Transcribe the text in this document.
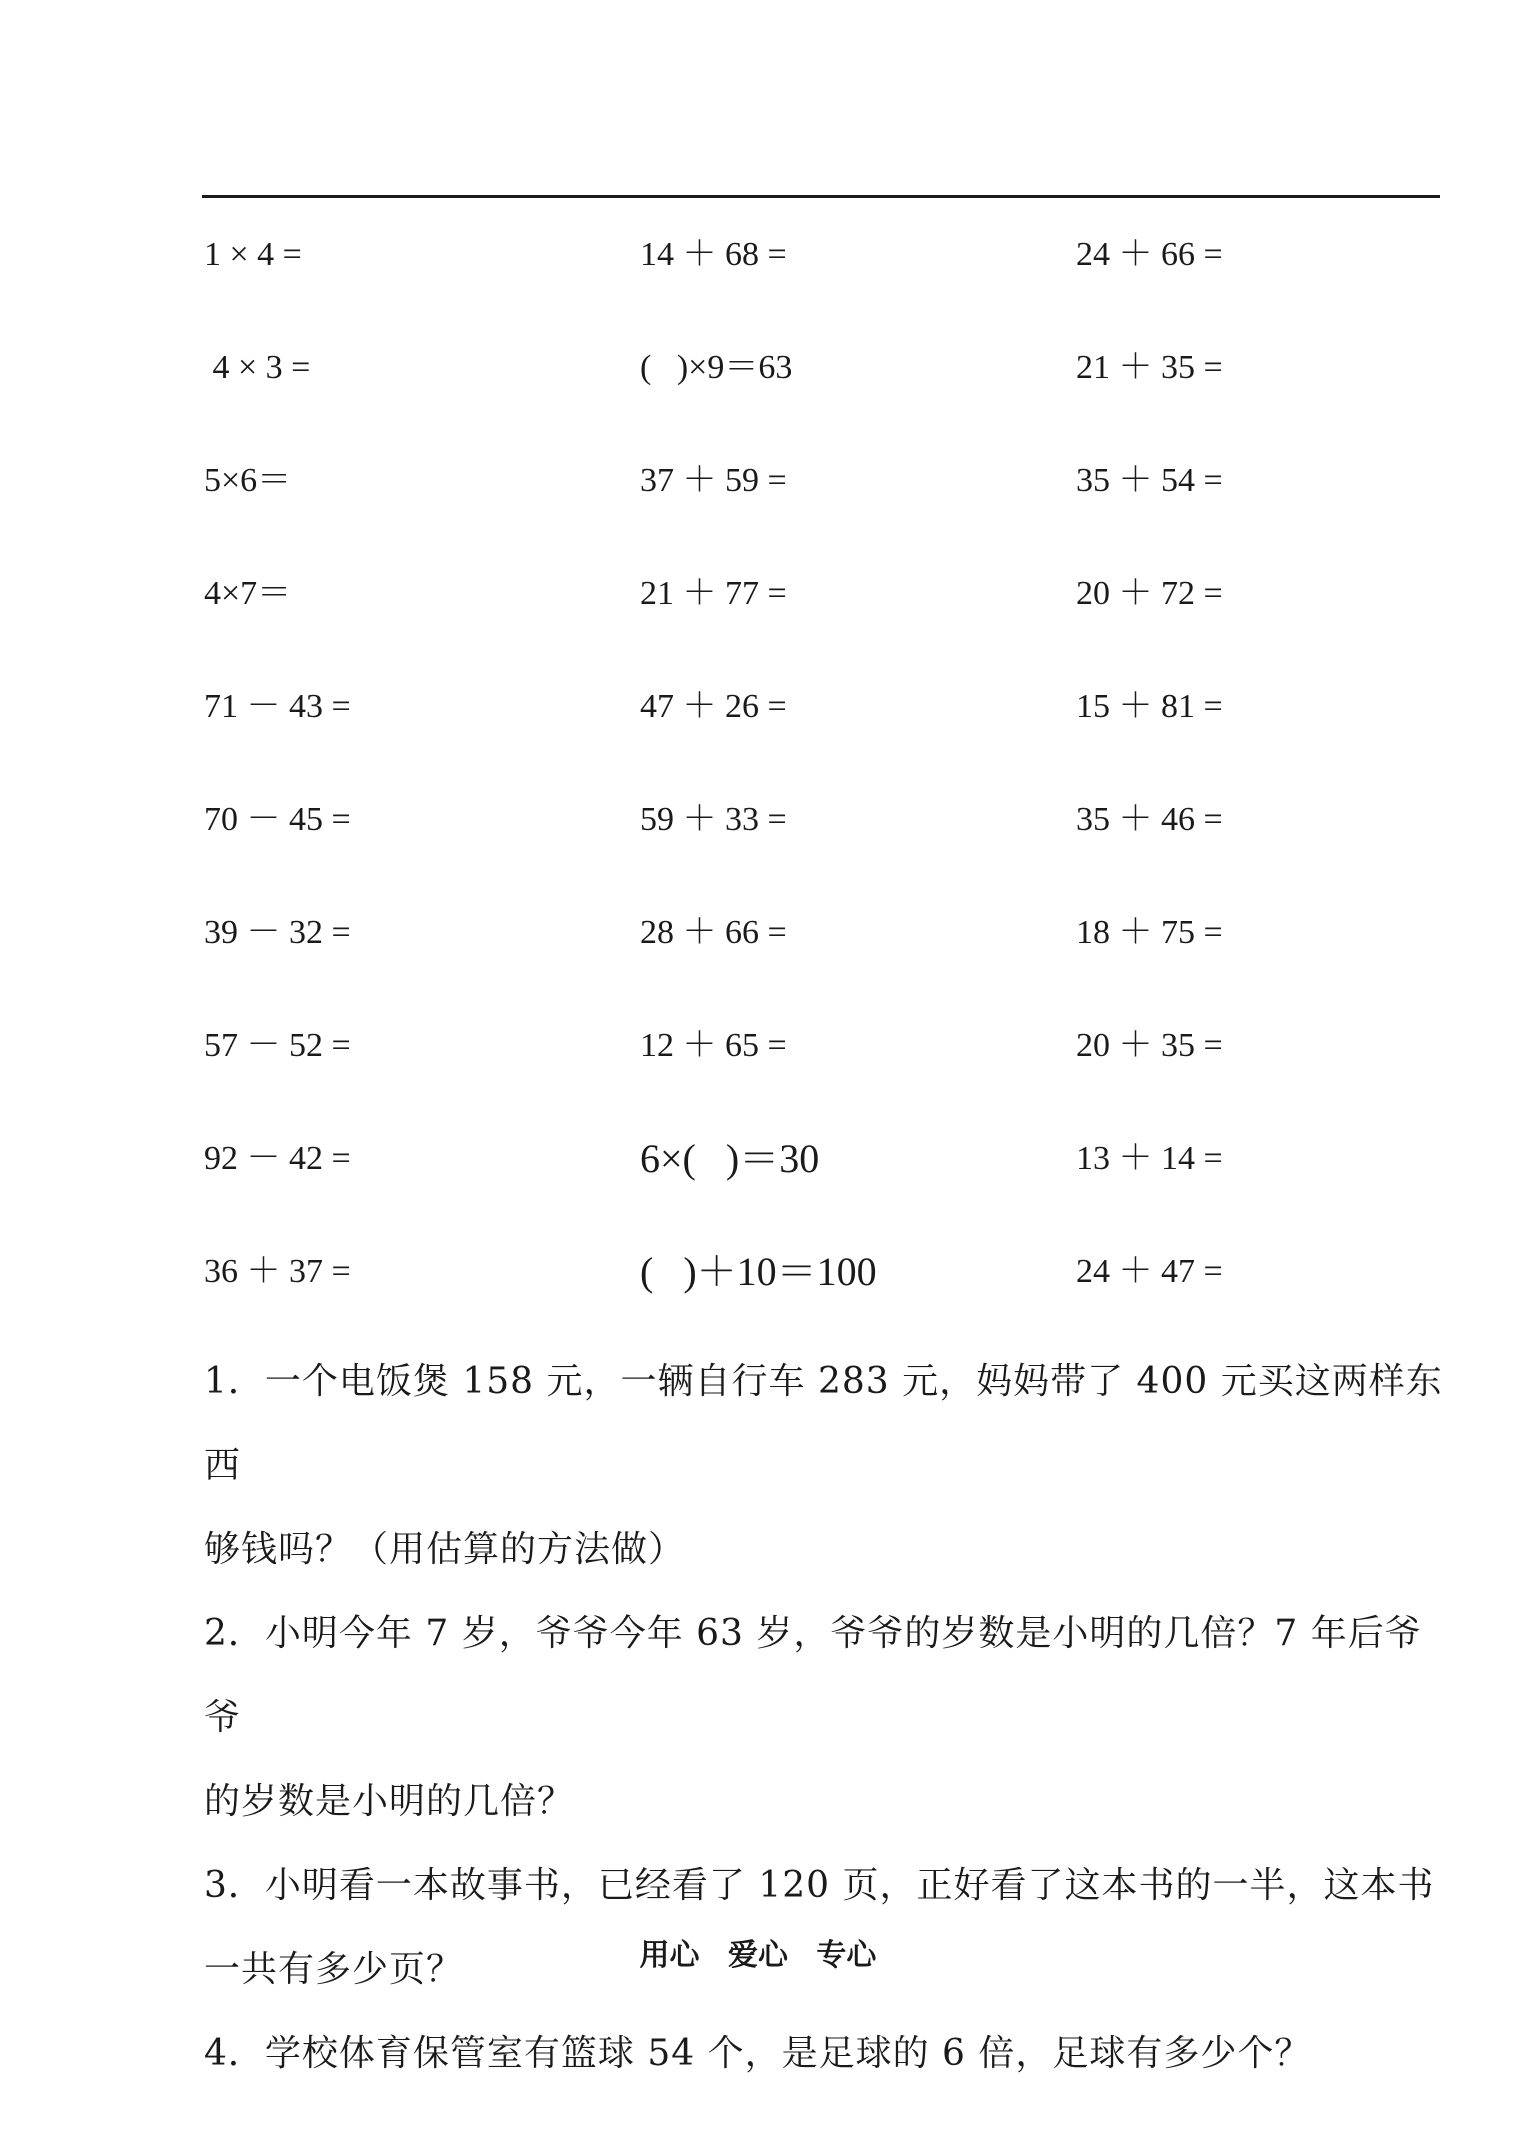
1 × 4 =	14 ＋ 68 =	24 ＋ 66 =
4 × 3 =	(   )×9＝63	21 ＋ 35 =
5×6＝	37 ＋ 59 =	35 ＋ 54 =
4×7＝	21 ＋ 77 =	20 ＋ 72 =
71 － 43 =	47 ＋ 26 =	15 ＋ 81 =
70 － 45 =	59 ＋ 33 =	35 ＋ 46 =
39 － 32 =	28 ＋ 66 =	18 ＋ 75 =
57 － 52 =	12 ＋ 65 =	20 ＋ 35 =
92 － 42 =	6×(   )＝30	13 ＋ 14 =
36 ＋ 37 =	(   )＋10＝100	24 ＋ 47 =
1．一个电饭煲 158 元，一辆自行车 283 元，妈妈带了 400 元买这两样东西
够钱吗？（用估算的方法做）
2．小明今年 7 岁，爷爷今年 63 岁，爷爷的岁数是小明的几倍？7 年后爷爷
的岁数是小明的几倍？
3．小明看一本故事书，已经看了 120 页，正好看了这本书的一半，这本书
一共有多少页？
4．学校体育保管室有篮球 54 个，是足球的 6 倍，足球有多少个？
用心 爱心 专心
